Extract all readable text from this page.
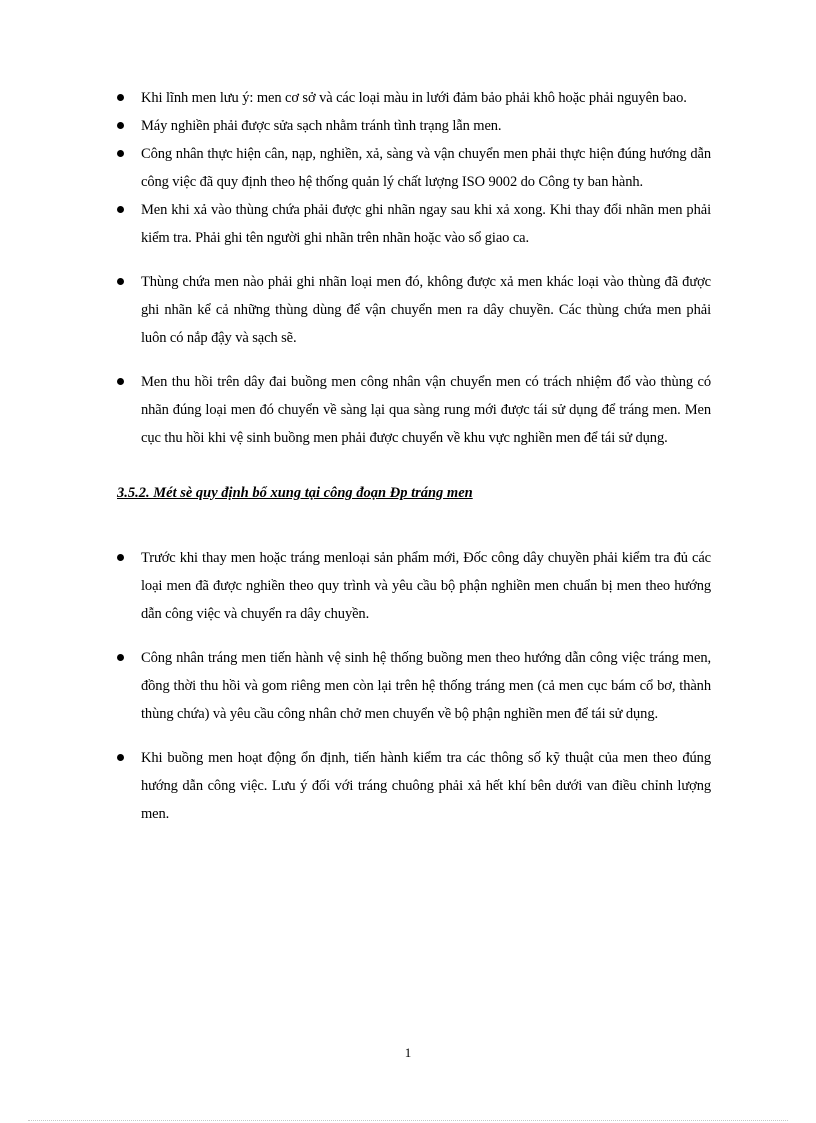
Khi lĩnh men lưu ý: men cơ sở và các loại màu in lưới đảm bảo phải khô hoặc phải nguyên bao.
Máy nghiền phải được sửa sạch nhằm tránh tình trạng lẫn men.
Công nhân thực hiện cân, nạp, nghiền, xả, sàng và vận chuyển men phải thực hiện đúng hướng dẫn công việc đã quy định theo hệ thống quản lý chất lượng ISO 9002 do Công ty ban hành.
Men khi xả vào thùng chứa phải được ghi nhãn ngay sau khi xả xong. Khi thay đổi nhãn men phải kiểm tra. Phải ghi tên người ghi nhãn trên nhãn hoặc vào sổ giao ca.
Thùng chứa men nào phải ghi nhãn loại men đó, không được xả men khác loại vào thùng đã được ghi nhãn kể cả những thùng dùng để vận chuyển men ra dây chuyền. Các thùng chứa men phải luôn có nắp đậy và sạch sẽ.
Men thu hồi trên dây đai buồng men công nhân vận chuyển men có trách nhiệm đổ vào thùng có nhãn đúng loại men đó chuyển về sàng lại qua sàng rung mới được tái sử dụng để tráng men. Men cục thu hồi khi vệ sinh buồng men phải được chuyển về khu vực nghiền men để tái sử dụng.
3.5.2. Mét sè quy định bổ xung tại công đoạn Đp tráng men
Trước khi thay men hoặc tráng menloại sản phẩm mới, Đốc công dây chuyền phải kiểm tra đủ các loại men đã được nghiền theo quy trình và yêu cầu bộ phận nghiền men chuẩn bị men theo hướng dẫn công việc và chuyển ra dây chuyền.
Công nhân tráng men tiến hành vệ sinh hệ thống buồng men theo hướng dẫn công việc tráng men, đồng thời thu hồi và gom riêng men còn lại trên hệ thống tráng men (cả men cục bám cổ bơ, thành thùng chứa) và yêu cầu công nhân chở men chuyển về bộ phận nghiền men để tái sử dụng.
Khi buồng men hoạt động ổn định, tiến hành kiểm tra các thông số kỹ thuật của men theo đúng hướng dẫn công việc. Lưu ý đối với tráng chuông phải xả hết khí bên dưới van điều chỉnh lượng men.
1
